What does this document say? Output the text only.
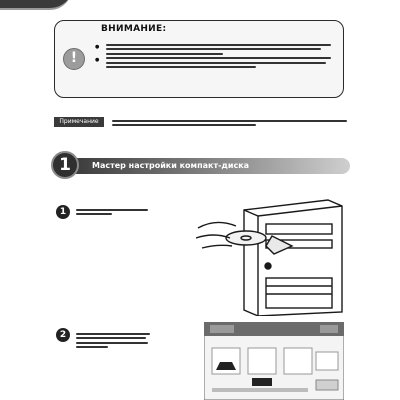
ВНИМАНИЕ:
!
●
●
Примечание
1	Мастер настройки компакт-диска
1
2
